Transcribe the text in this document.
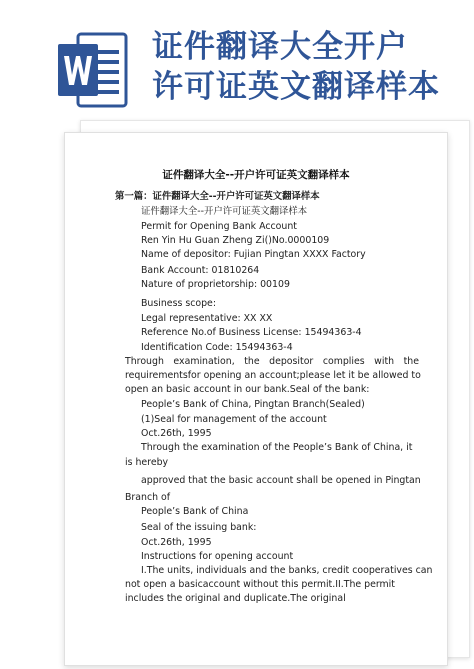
证件翻译大全开户
许可证英文翻译样本
证件翻译大全--开户许可证英文翻译样本
第一篇：证件翻译大全--开户许可证英文翻译样本
证件翻译大全--开户许可证英文翻译样本
Permit for Opening Bank Account
Ren Yin Hu Guan Zheng Zi()No.0000109
Name of depositor: Fujian Pingtan XXXX Factory
Bank Account: 01810264
Nature of proprietorship: 00109
Business scope:
Legal representative: XX XX
Reference No.of Business License: 15494363-4
Identification Code: 15494363-4
Through examination, the depositor complies with the
requirementsfor opening an account;please let it be allowed to
open an basic account in our bank.Seal of the bank:
People’s Bank of China, Pingtan Branch(Sealed)
(1)Seal for management of the account
Oct.26th, 1995
Through the examination of the People’s Bank of China, it
is hereby
approved that the basic account shall be opened in Pingtan
Branch of
People’s Bank of China
Seal of the issuing bank:
Oct.26th, 1995
Instructions for opening account
I.The units, individuals and the banks, credit cooperatives can
not open a basicaccount without this permit.II.The permit
includes the original and duplicate.The original
